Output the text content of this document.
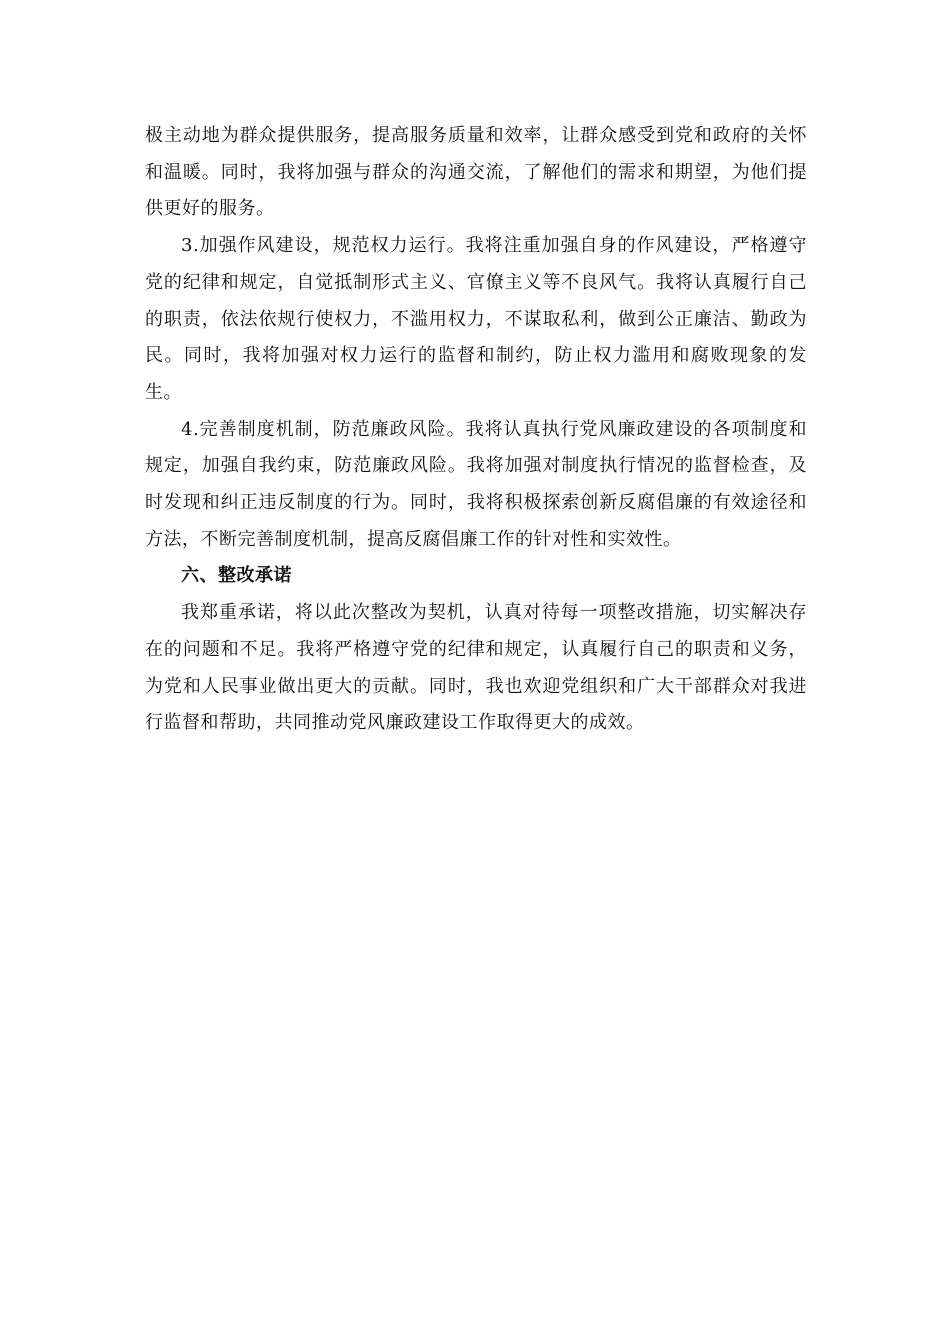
极主动地为群众提供服务，提高服务质量和效率，让群众感受到党和政府的关怀和温暖。同时，我将加强与群众的沟通交流，了解他们的需求和期望，为他们提供更好的服务。

3.加强作风建设，规范权力运行。我将注重加强自身的作风建设，严格遵守党的纪律和规定，自觉抵制形式主义、官僚主义等不良风气。我将认真履行自己的职责，依法依规行使权力，不滥用权力，不谋取私利，做到公正廉洁、勤政为民。同时，我将加强对权力运行的监督和制约，防止权力滥用和腐败现象的发生。

4.完善制度机制，防范廉政风险。我将认真执行党风廉政建设的各项制度和规定，加强自我约束，防范廉政风险。我将加强对制度执行情况的监督检查，及时发现和纠正违反制度的行为。同时，我将积极探索创新反腐倡廉的有效途径和方法，不断完善制度机制，提高反腐倡廉工作的针对性和实效性。

六、整改承诺

我郑重承诺，将以此次整改为契机，认真对待每一项整改措施，切实解决存在的问题和不足。我将严格遵守党的纪律和规定，认真履行自己的职责和义务，为党和人民事业做出更大的贡献。同时，我也欢迎党组织和广大干部群众对我进行监督和帮助，共同推动党风廉政建设工作取得更大的成效。
